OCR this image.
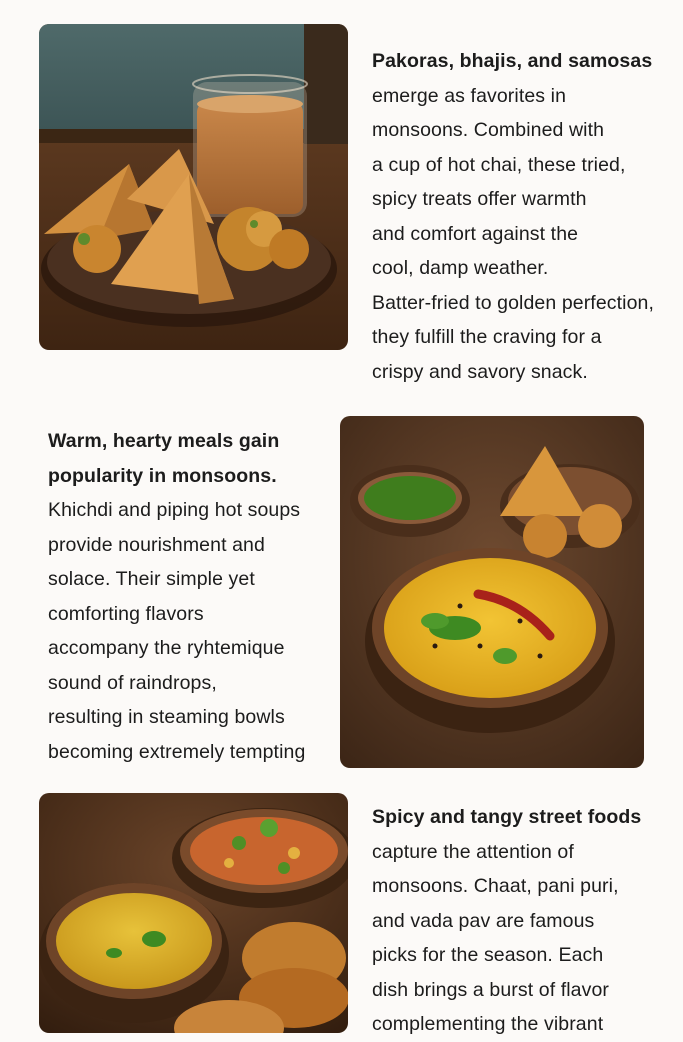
Pakoras, bhajis, and samosas

emerge as favorites in

monsoons. Combined with

a cup of hot chai, these tried,

spicy treats offer warmth

and comfort against the

cool, damp weather.

Batter-fried to golden perfection,

they fulfill the craving for a

crispy and savory snack.

Warm, hearty meals gain

popularity in monsoons.

Khichdi and piping hot soups

provide nourishment and

solace. Their simple yet

comforting flavors

accompany the ryhtemique

sound of raindrops,

resulting in steaming bowls

becoming extremely tempting

Spicy and tangy street foods

capture the attention of

monsoons. Chaat, pani puri,

and vada pav are famous

picks for the season. Each

dish brings a burst of flavor

complementing the vibrant
